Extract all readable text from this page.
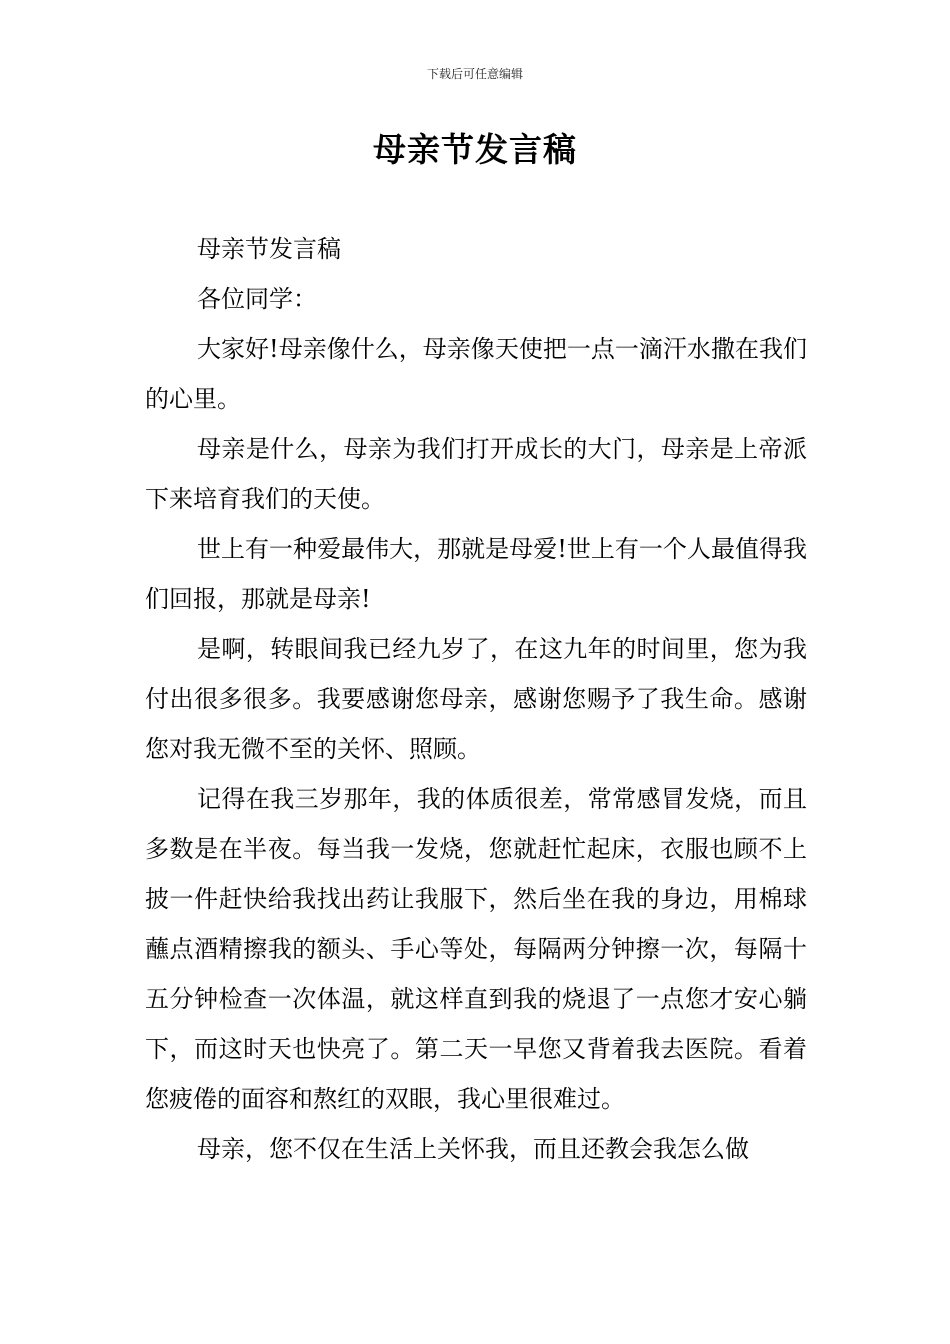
下载后可任意编辑
母亲节发言稿

母亲节发言稿

各位同学：

大家好!母亲像什么，母亲像天使把一点一滴汗水撒在我们的心里。

母亲是什么，母亲为我们打开成长的大门，母亲是上帝派下来培育我们的天使。

世上有一种爱最伟大，那就是母爱!世上有一个人最值得我们回报，那就是母亲!

是啊，转眼间我已经九岁了，在这九年的时间里，您为我付出很多很多。我要感谢您母亲，感谢您赐予了我生命。感谢您对我无微不至的关怀、照顾。

记得在我三岁那年，我的体质很差，常常感冒发烧，而且多数是在半夜。每当我一发烧，您就赶忙起床，衣服也顾不上披一件赶快给我找出药让我服下，然后坐在我的身边，用棉球蘸点酒精擦我的额头、手心等处，每隔两分钟擦一次，每隔十五分钟检查一次体温，就这样直到我的烧退了一点您才安心躺下，而这时天也快亮了。第二天一早您又背着我去医院。看着您疲倦的面容和熬红的双眼，我心里很难过。

母亲，您不仅在生活上关怀我，而且还教会我怎么做
